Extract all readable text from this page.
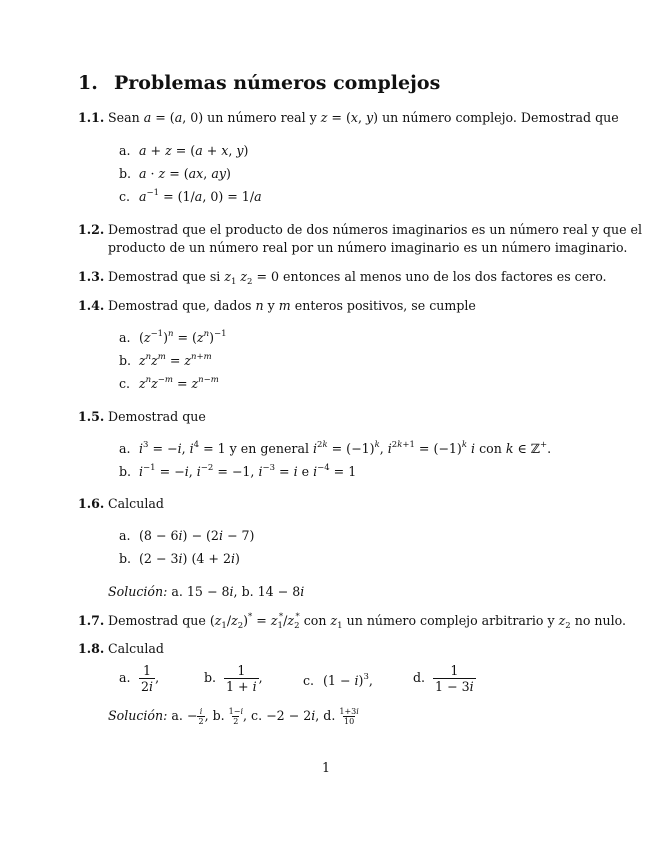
1. Problemas números complejos
1.1. Sean a = (a, 0) un número real y z = (x, y) un número complejo. Demostrad que
a. a + z = (a + x, y)
b. a · z = (ax, ay)
c. $a^{-1} = (1/a$, 0) = 1/a
1.2. Demostrad que el producto de dos números imaginarios es un número real y que el
producto de un número real por un número imaginario es un número imaginario.
1.3. Demostrad que si $z_1$ $z_2 = 0$ entonces al menos uno de los dos factores es cero.
1.4. Demostrad que, dados n y m enteros positivos, se cumple
a. $(z^{-1})^n = (z^n)^{-1}$
b. $z^nz^m = z^{n+m}$
c. $z^nz^{-m} = z^{n-m}$
1.5. Demostrad que
a. $i^3 = -i$, $i^4 = 1$ y en general $i^{2k} = (-1)^k$, $i^{2k+1} = (-1)^k$ i con k ∈ ℤ+.
b. $i^{-1} = -i$, $i^{-2} = -1$, $i^{-3} = i$ e $i^{-4} = 1$
1.6. Calculad
a. (8 − 6i) − (2i − 7)
b. (2 − 3i) (4 + 2i)
Solución: a. 15 − 8i, b. 14 − 8i
1.7. Demostrad que $(z_1/z_2)^* = z_1^*/z_2^*$ con $z_1$ un número complejo arbitrario y $z_2$ no nulo.
1.8. Calculad
a. $\frac{1}{2i}$ ,	b. $\frac{1}{1 + i}$ ,	c. $(1 - i)^3$,	d. $\frac{1}{1 - 3i}$
Solución: a. − $\frac{i}{2}$ , b. $\frac{1-i}{2}$ , c. −2 − 2i, d. $\frac{1+3i}{10}$
1
